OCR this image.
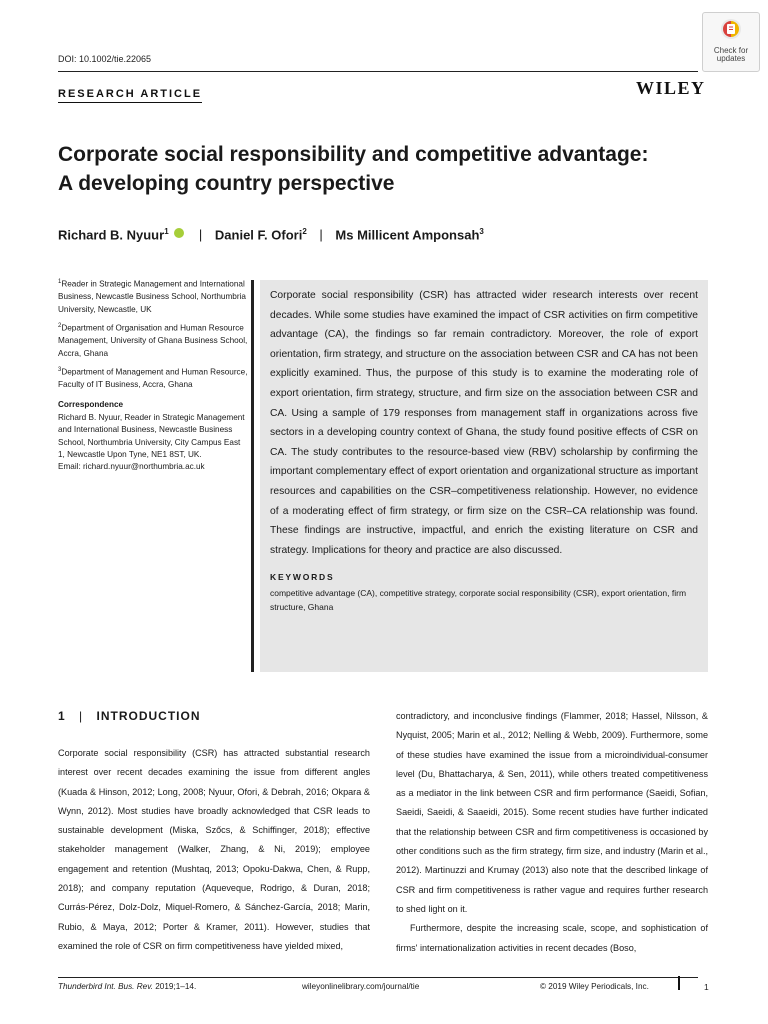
DOI: 10.1002/tie.22065
Check for
updates
RESEARCH ARTICLE	WILEY
Corporate social responsibility and competitive advantage:
A developing country perspective
Richard B. Nyuur$^1$ | Daniel F. Ofori$^2$ | Ms Millicent Amponsah$^3$

$^1$Reader in Strategic Management and International Business, Newcastle Business School, Northumbria University, Newcastle, UK

$^2$Department of Organisation and Human Resource Management, University of Ghana Business School, Accra, Ghana

$^3$Department of Management and Human Resource, Faculty of IT Business, Accra, Ghana

Correspondence
Richard B. Nyuur, Reader in Strategic Management and International Business, Newcastle Business School, Northumbria University, City Campus East 1, Newcastle Upon Tyne, NE1 8ST, UK.
Email: richard.nyuur@northumbria.ac.uk

Corporate social responsibility (CSR) has attracted wider research interests over recent decades. While some studies have examined the impact of CSR activities on firm competitive advantage (CA), the findings so far remain contradictory. Moreover, the role of export orientation, firm strategy, and structure on the association between CSR and CA has not been explicitly examined. Thus, the purpose of this study is to examine the moderating role of export orientation, firm strategy, structure, and firm size on the association between CSR and CA. Using a sample of 179 responses from management staff in organizations across five sectors in a developing country context of Ghana, the study found positive effects of CSR on CA. The study contributes to the resource-based view (RBV) scholarship by confirming the important complementary effect of export orientation and organizational structure as important resources and capabilities on the CSR–competitiveness relationship. However, no evidence of a moderating effect of firm strategy, or firm size on the CSR–CA relationship was found. These findings are instructive, impactful, and enrich the existing literature on CSR and strategy. Implications for theory and practice are also discussed.

KEYWORDS
competitive advantage (CA), competitive strategy, corporate social responsibility (CSR), export orientation, firm structure, Ghana
1 | INTRODUCTION

Corporate social responsibility (CSR) has attracted substantial research interest over recent decades examining the issue from different angles (Kuada & Hinson, 2012; Long, 2008; Nyuur, Ofori, & Debrah, 2016; Okpara & Wynn, 2012). Most studies have broadly acknowledged that CSR leads to sustainable development (Miska, Szőcs, & Schiffinger, 2018); effective stakeholder management (Walker, Zhang, & Ni, 2019); employee engagement and retention (Mushtaq, 2013; Opoku-Dakwa, Chen, & Rupp, 2018); and company reputation (Aqueveque, Rodrigo, & Duran, 2018; Currás-Pérez, Dolz-Dolz, Miquel-Romero, & Sánchez-García, 2018; Marin, Rubio, & Maya, 2012; Porter & Kramer, 2011). However, studies that examined the role of CSR on firm competitiveness have yielded mixed,

contradictory, and inconclusive findings (Flammer, 2018; Hassel, Nilsson, & Nyquist, 2005; Marin et al., 2012; Nelling & Webb, 2009). Furthermore, some of these studies have examined the issue from a microindividual-consumer level (Du, Bhattacharya, & Sen, 2011), while others treated competitiveness as a mediator in the link between CSR and firm performance (Saeidi, Sofian, Saeidi, Saeidi, & Saaeidi, 2015). Some recent studies have further indicated that the relationship between CSR and firm competitiveness is occasioned by other conditions such as the firm strategy, firm size, and industry (Marin et al., 2012). Martinuzzi and Krumay (2013) also note that the described linkage of CSR and firm competitiveness is rather vague and requires further research to shed light on it.

Furthermore, despite the increasing scale, scope, and sophistication of firms' internationalization activities in recent decades (Boso,

Thunderbird Int. Bus. Rev. 2019;1–14.	wileyonlinelibrary.com/journal/tie	© 2019 Wiley Periodicals, Inc.	1
